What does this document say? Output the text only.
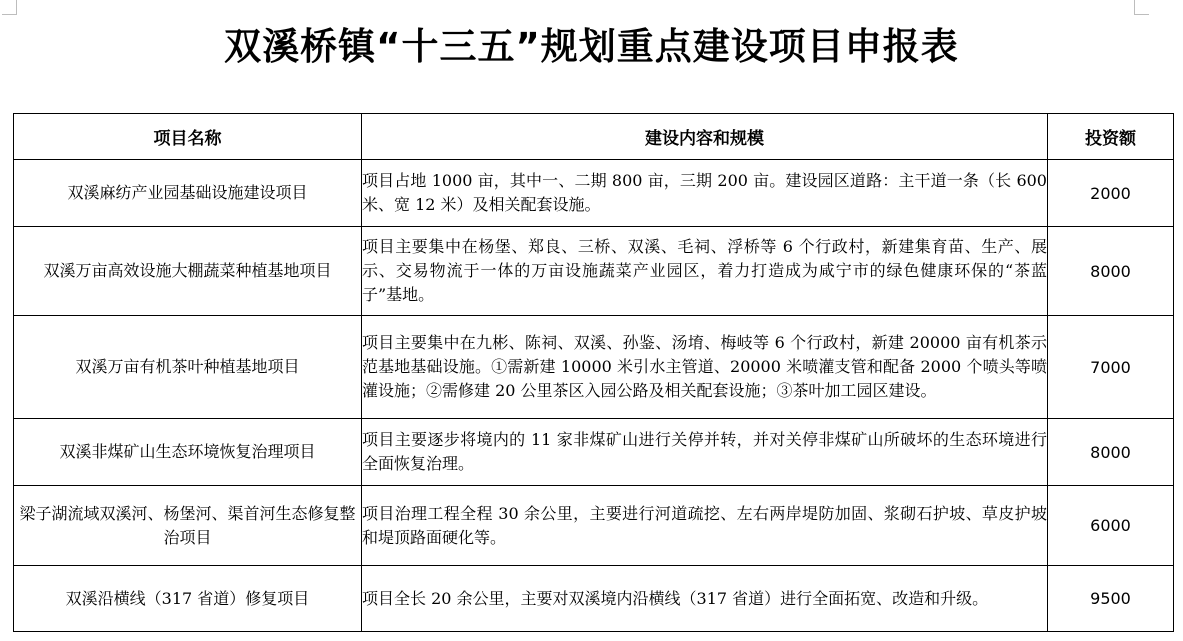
双溪桥镇“十三五”规划重点建设项目申报表
项目名称	建设内容和规模	投资额
双溪麻纺产业园基础设施建设项目	项目占地 1000 亩，其中一、二期 800 亩，三期 200 亩。建设园区道路：主干道一条（长 600 米、宽 12 米）及相关配套设施。	2000
双溪万亩高效设施大棚蔬菜种植基地项目	项目主要集中在杨堡、郑良、三桥、双溪、毛祠、浮桥等 6 个行政村，新建集育苗、生产、展示、交易物流于一体的万亩设施蔬菜产业园区，着力打造成为咸宁市的绿色健康环保的“茶蓝子”基地。	8000
双溪万亩有机茶叶种植基地项目	项目主要集中在九彬、陈祠、双溪、孙鉴、汤堉、梅岐等 6 个行政村，新建 20000 亩有机茶示范基地基础设施。①需新建 10000 米引水主管道、20000 米喷灌支管和配备 2000 个喷头等喷灌设施；②需修建 20 公里茶区入园公路及相关配套设施；③茶叶加工园区建设。	7000
双溪非煤矿山生态环境恢复治理项目	项目主要逐步将境内的 11 家非煤矿山进行关停并转，并对关停非煤矿山所破坏的生态环境进行全面恢复治理。	8000
梁子湖流域双溪河、杨堡河、渠首河生态修复整治项目	项目治理工程全程 30 余公里，主要进行河道疏挖、左右两岸堤防加固、浆砌石护坡、草皮护坡和堤顶路面硬化等。	6000
双溪沿横线（317 省道）修复项目	项目全长 20 余公里，主要对双溪境内沿横线（317 省道）进行全面拓宽、改造和升级。	9500
